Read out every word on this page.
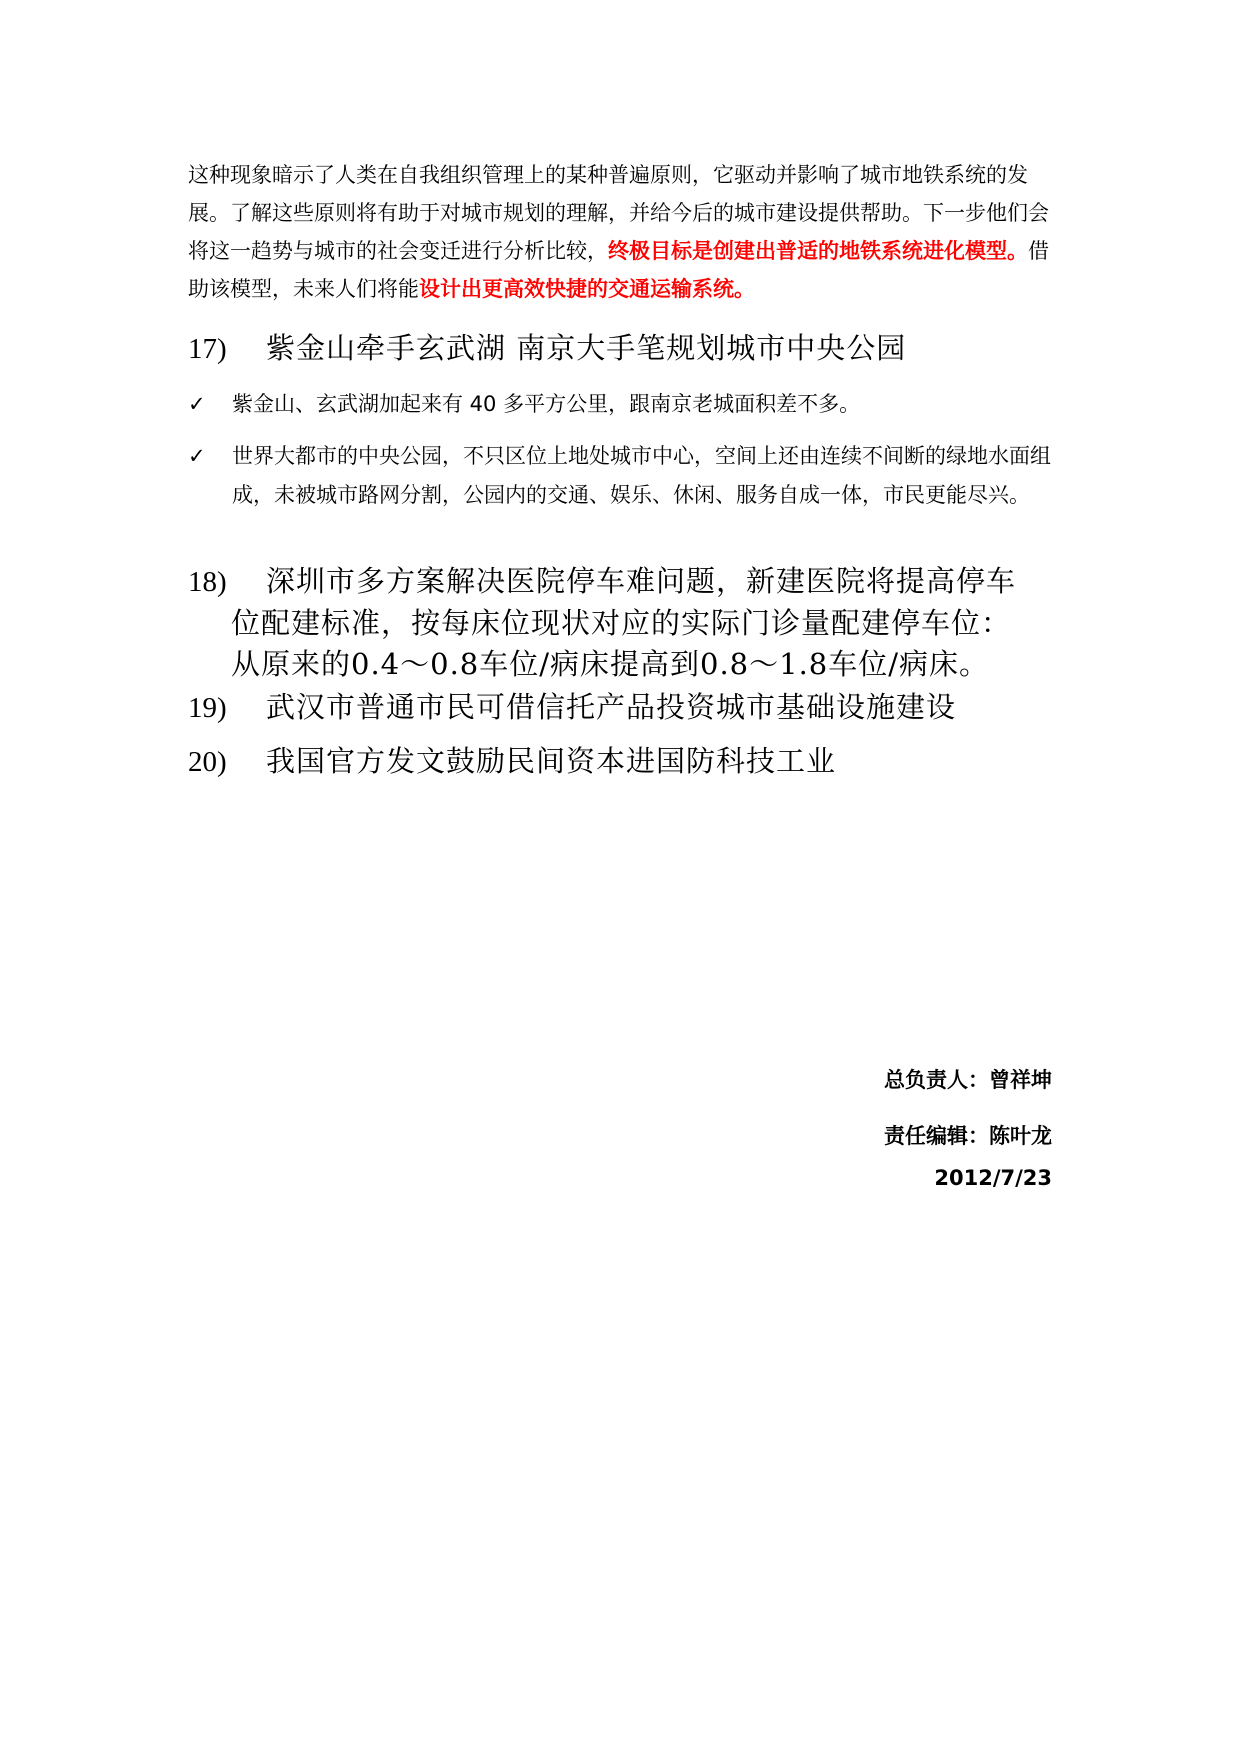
这种现象暗示了人类在自我组织管理上的某种普遍原则，它驱动并影响了城市地铁系统的发展。了解这些原则将有助于对城市规划的理解，并给今后的城市建设提供帮助。下一步他们会将这一趋势与城市的社会变迁进行分析比较，终极目标是创建出普适的地铁系统进化模型。借助该模型，未来人们将能设计出更高效快捷的交通运输系统。

17) 紫金山牵手玄武湖 南京大手笔规划城市中央公园
✓ 紫金山、玄武湖加起来有 40 多平方公里，跟南京老城面积差不多。
✓ 世界大都市的中央公园，不只区位上地处城市中心，空间上还由连续不间断的绿地水面组成，未被城市路网分割，公园内的交通、娱乐、休闲、服务自成一体，市民更能尽兴。
18) 深圳市多方案解决医院停车难问题，新建医院将提高停车
位配建标准，按每床位现状对应的实际门诊量配建停车位：
从原来的0.4～0.8车位/病床提高到0.8～1.8车位/病床。
19) 武汉市普通市民可借信托产品投资城市基础设施建设
20) 我国官方发文鼓励民间资本进国防科技工业
总负责人：曾祥坤
责任编辑：陈叶龙
2012/7/23
